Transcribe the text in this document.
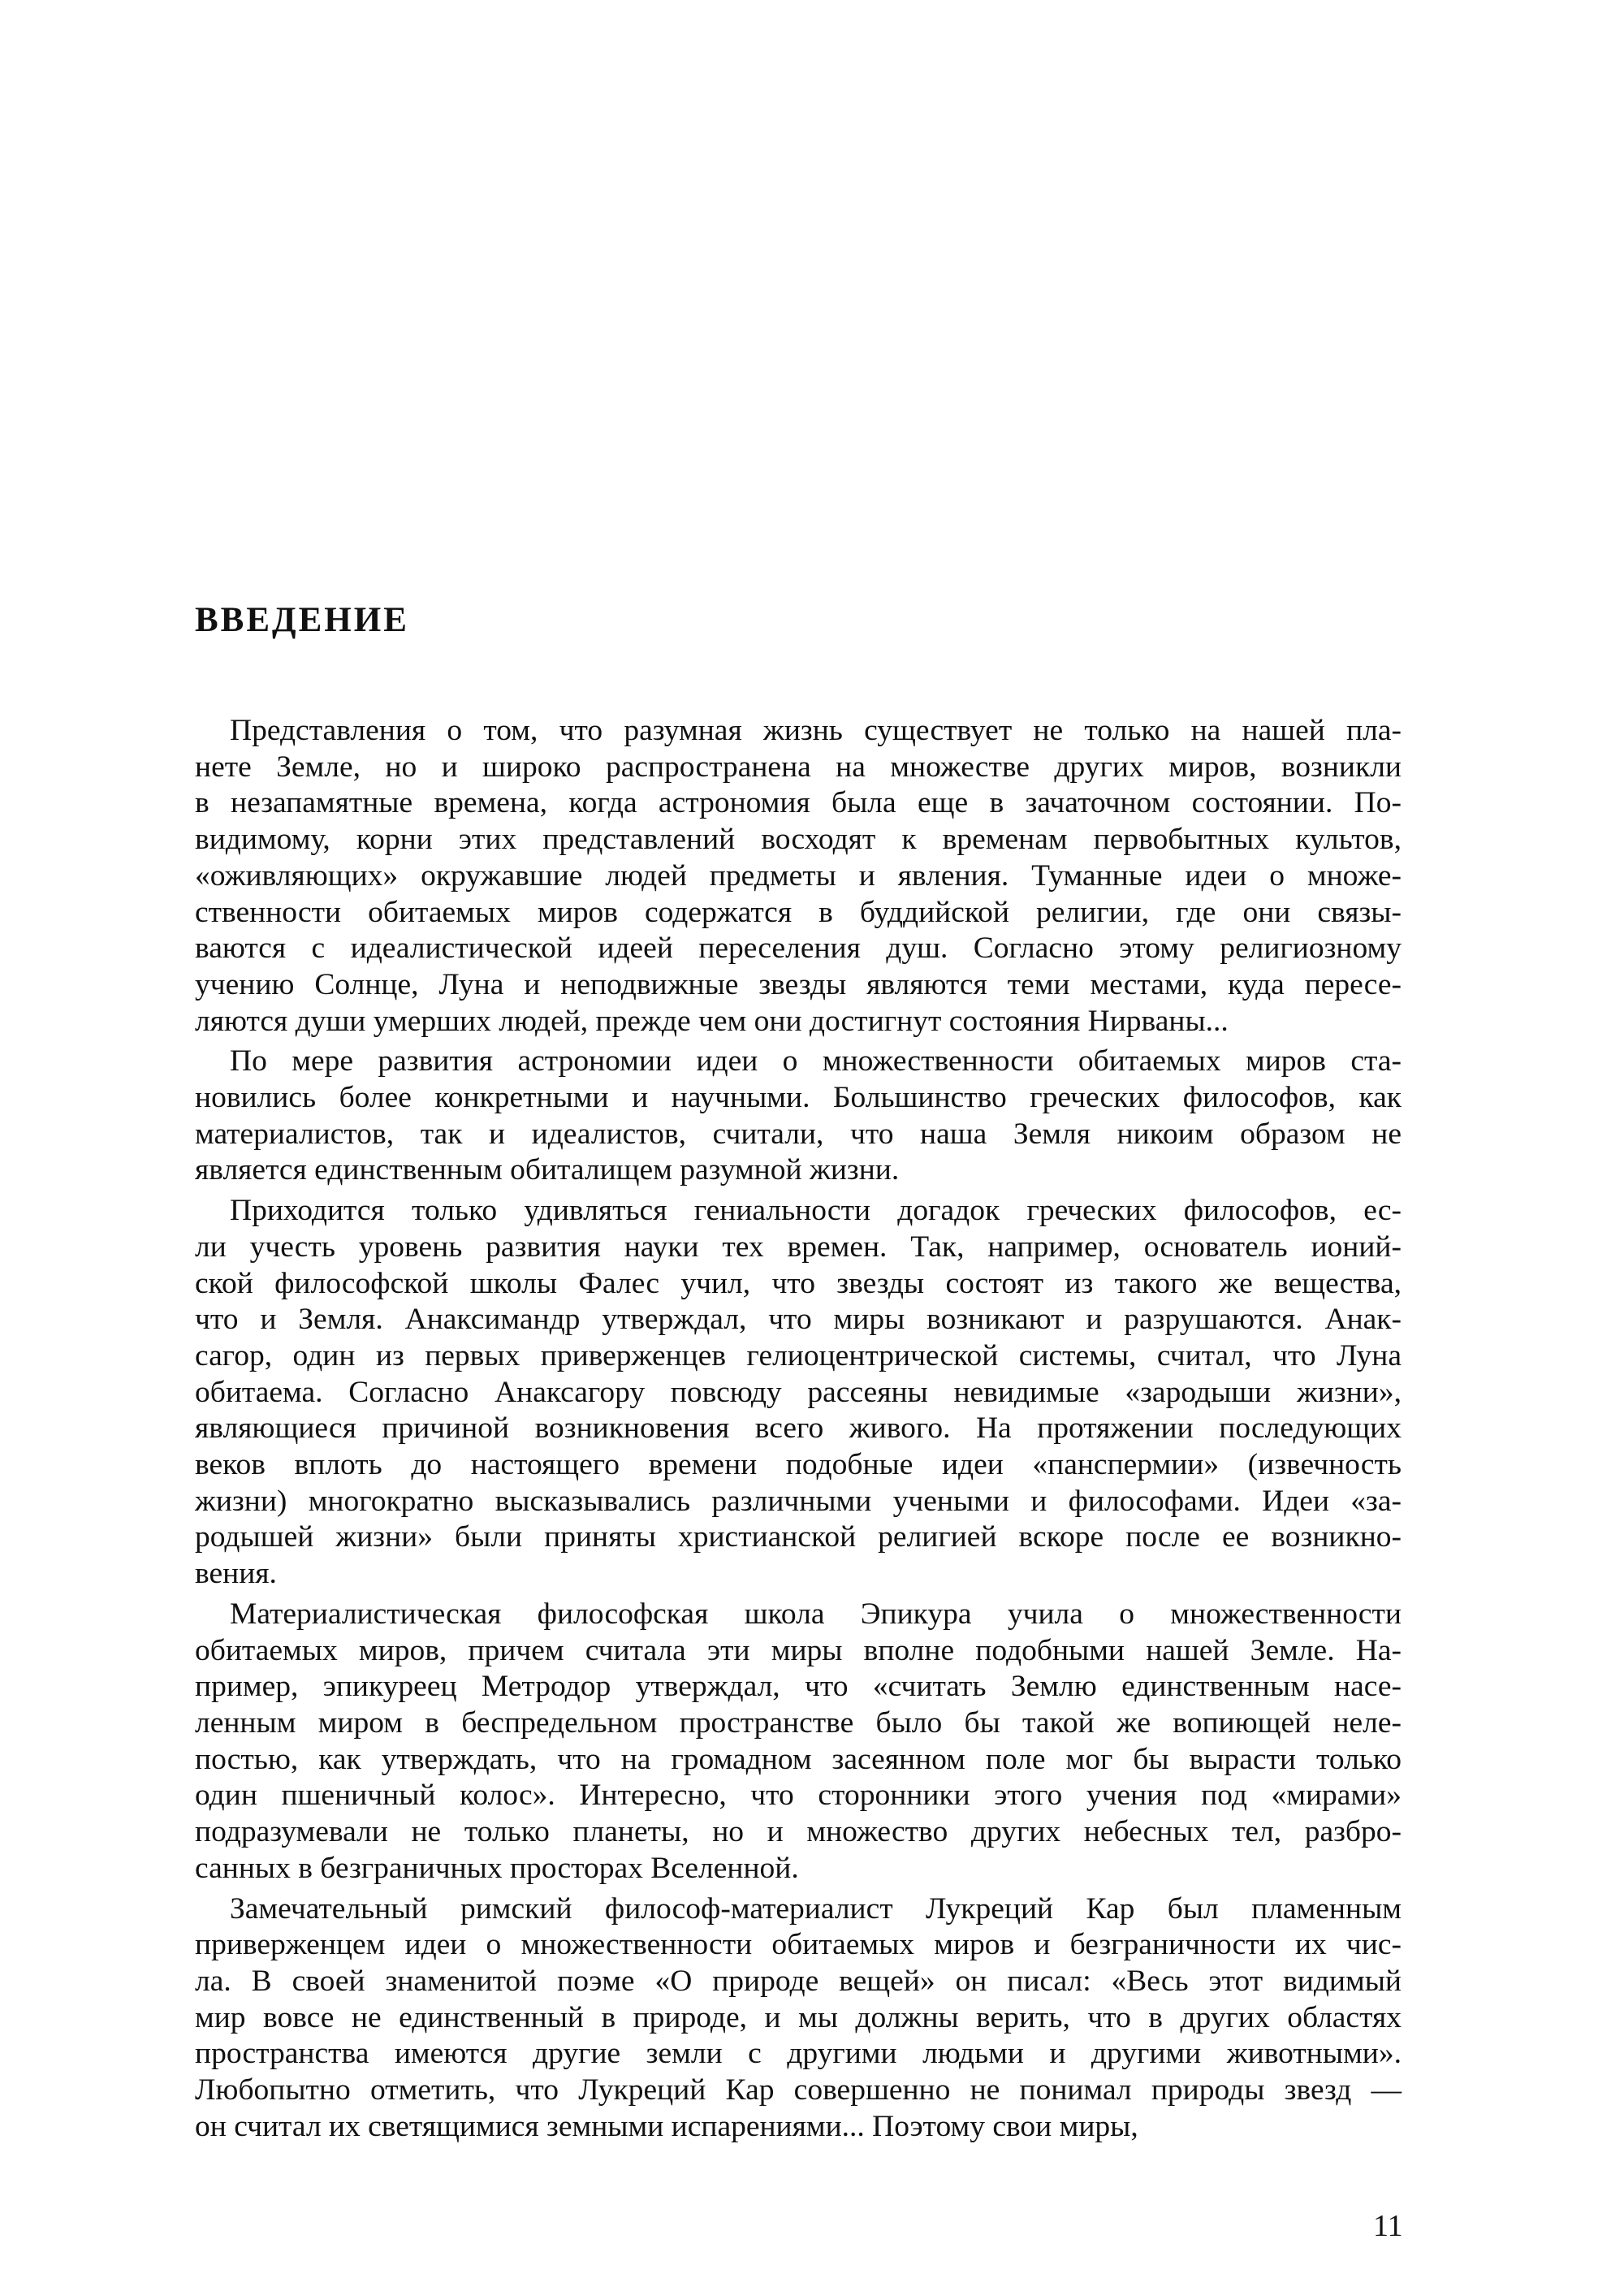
ВВЕДЕНИЕ

Представления о том, что разумная жизнь существует не только на нашей пла-
нете Земле, но и широко распространена на множестве других миров, возникли
в незапамятные времена, когда астрономия была еще в зачаточном состоянии. По-
видимому, корни этих представлений восходят к временам первобытных культов,
«оживляющих» окружавшие людей предметы и явления. Туманные идеи о множе-
ственности обитаемых миров содержатся в буддийской религии, где они связы-
ваются с идеалистической идеей переселения душ. Согласно этому религиозному
учению Солнце, Луна и неподвижные звезды являются теми местами, куда пересе-
ляются души умерших людей, прежде чем они достигнут состояния Нирваны...

По мере развития астрономии идеи о множественности обитаемых миров ста-
новились более конкретными и научными. Большинство греческих философов, как
материалистов, так и идеалистов, считали, что наша Земля никоим образом не
является единственным обиталищем разумной жизни.

Приходится только удивляться гениальности догадок греческих философов, ес-
ли учесть уровень развития науки тех времен. Так, например, основатель ионий-
ской философской школы Фалес учил, что звезды состоят из такого же вещества,
что и Земля. Анаксимандр утверждал, что миры возникают и разрушаются. Анак-
сагор, один из первых приверженцев гелиоцентрической системы, считал, что Луна
обитаема. Согласно Анаксагору повсюду рассеяны невидимые «зародыши жизни»,
являющиеся причиной возникновения всего живого. На протяжении последующих
веков вплоть до настоящего времени подобные идеи «панспермии» (извечность
жизни) многократно высказывались различными учеными и философами. Идеи «за-
родышей жизни» были приняты христианской религией вскоре после ее возникно-
вения.

Материалистическая философская школа Эпикура учила о множественности
обитаемых миров, причем считала эти миры вполне подобными нашей Земле. На-
пример, эпикуреец Метродор утверждал, что «считать Землю единственным насе-
ленным миром в беспредельном пространстве было бы такой же вопиющей неле-
постью, как утверждать, что на громадном засеянном поле мог бы вырасти только
один пшеничный колос». Интересно, что сторонники этого учения под «мирами»
подразумевали не только планеты, но и множество других небесных тел, разбро-
санных в безграничных просторах Вселенной.

Замечательный римский философ-материалист Лукреций Кар был пламенным
приверженцем идеи о множественности обитаемых миров и безграничности их чис-
ла. В своей знаменитой поэме «О природе вещей» он писал: «Весь этот видимый
мир вовсе не единственный в природе, и мы должны верить, что в других областях
пространства имеются другие земли с другими людьми и другими животными».
Любопытно отметить, что Лукреций Кар совершенно не понимал природы звезд —
он считал их светящимися земными испарениями... Поэтому свои миры,

11
